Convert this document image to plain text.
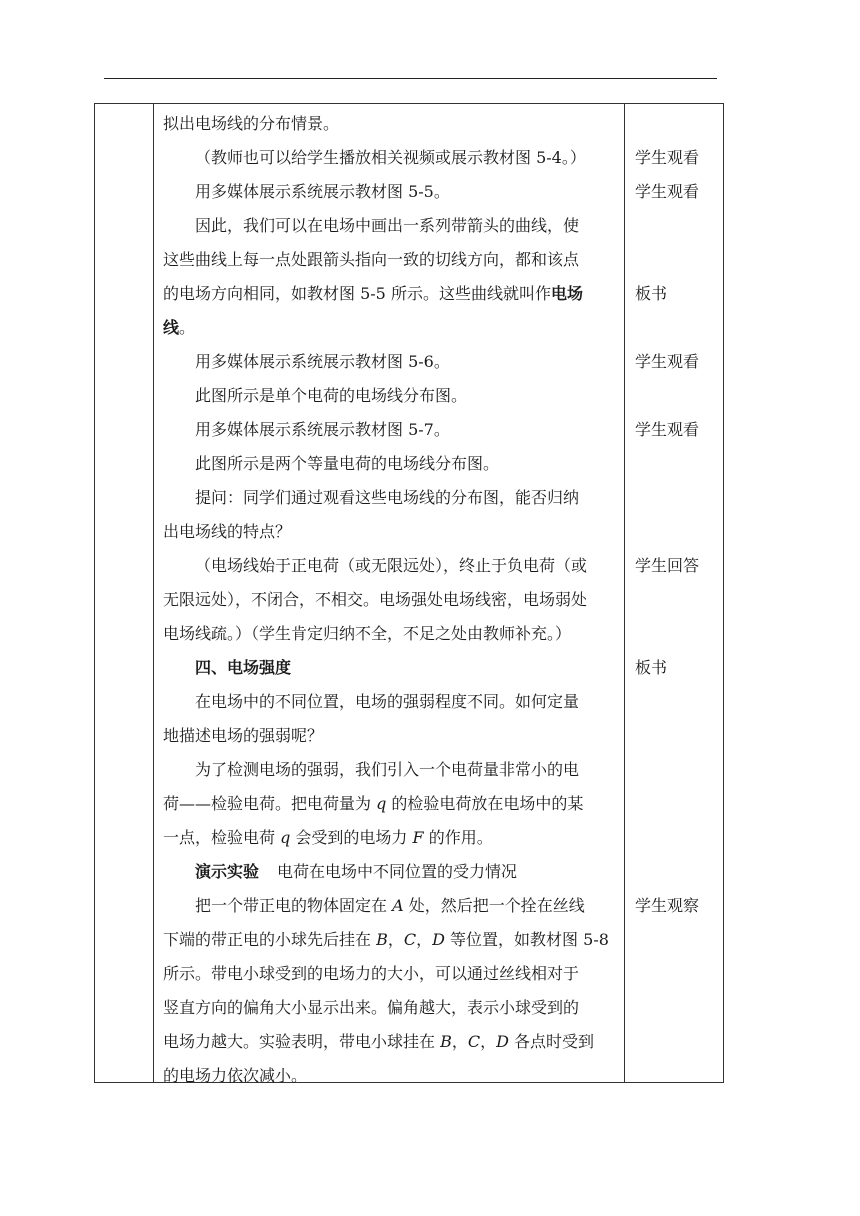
拟出电场线的分布情景。
（教师也可以给学生播放相关视频或展示教材图 5-4。）
用多媒体展示系统展示教材图 5-5。
因此，我们可以在电场中画出一系列带箭头的曲线，使
这些曲线上每一点处跟箭头指向一致的切线方向，都和该点
的电场方向相同，如教材图 5-5 所示。这些曲线就叫作电场
线。
用多媒体展示系统展示教材图 5-6。
此图所示是单个电荷的电场线分布图。
用多媒体展示系统展示教材图 5-7。
此图所示是两个等量电荷的电场线分布图。
提问：同学们通过观看这些电场线的分布图，能否归纳
出电场线的特点？
（电场线始于正电荷（或无限远处），终止于负电荷（或
无限远处），不闭合，不相交。电场强处电场线密，电场弱处
电场线疏。）（学生肯定归纳不全，不足之处由教师补充。）
四、电场强度
在电场中的不同位置，电场的强弱程度不同。如何定量
地描述电场的强弱呢？
为了检测电场的强弱，我们引入一个电荷量非常小的电
荷——检验电荷。把电荷量为 q 的检验电荷放在电场中的某
一点，检验电荷 q 会受到的电场力 F 的作用。
演示实验 电荷在电场中不同位置的受力情况
把一个带正电的物体固定在 A 处，然后把一个拴在丝线
下端的带正电的小球先后挂在 B，C，D 等位置，如教材图 5-8
所示。带电小球受到的电场力的大小，可以通过丝线相对于
竖直方向的偏角大小显示出来。偏角越大，表示小球受到的
电场力越大。实验表明，带电小球挂在 B，C，D 各点时受到
的电场力依次减小。
学生观看
学生观看
板书
学生观看
学生观看
学生回答
板书
学生观察
